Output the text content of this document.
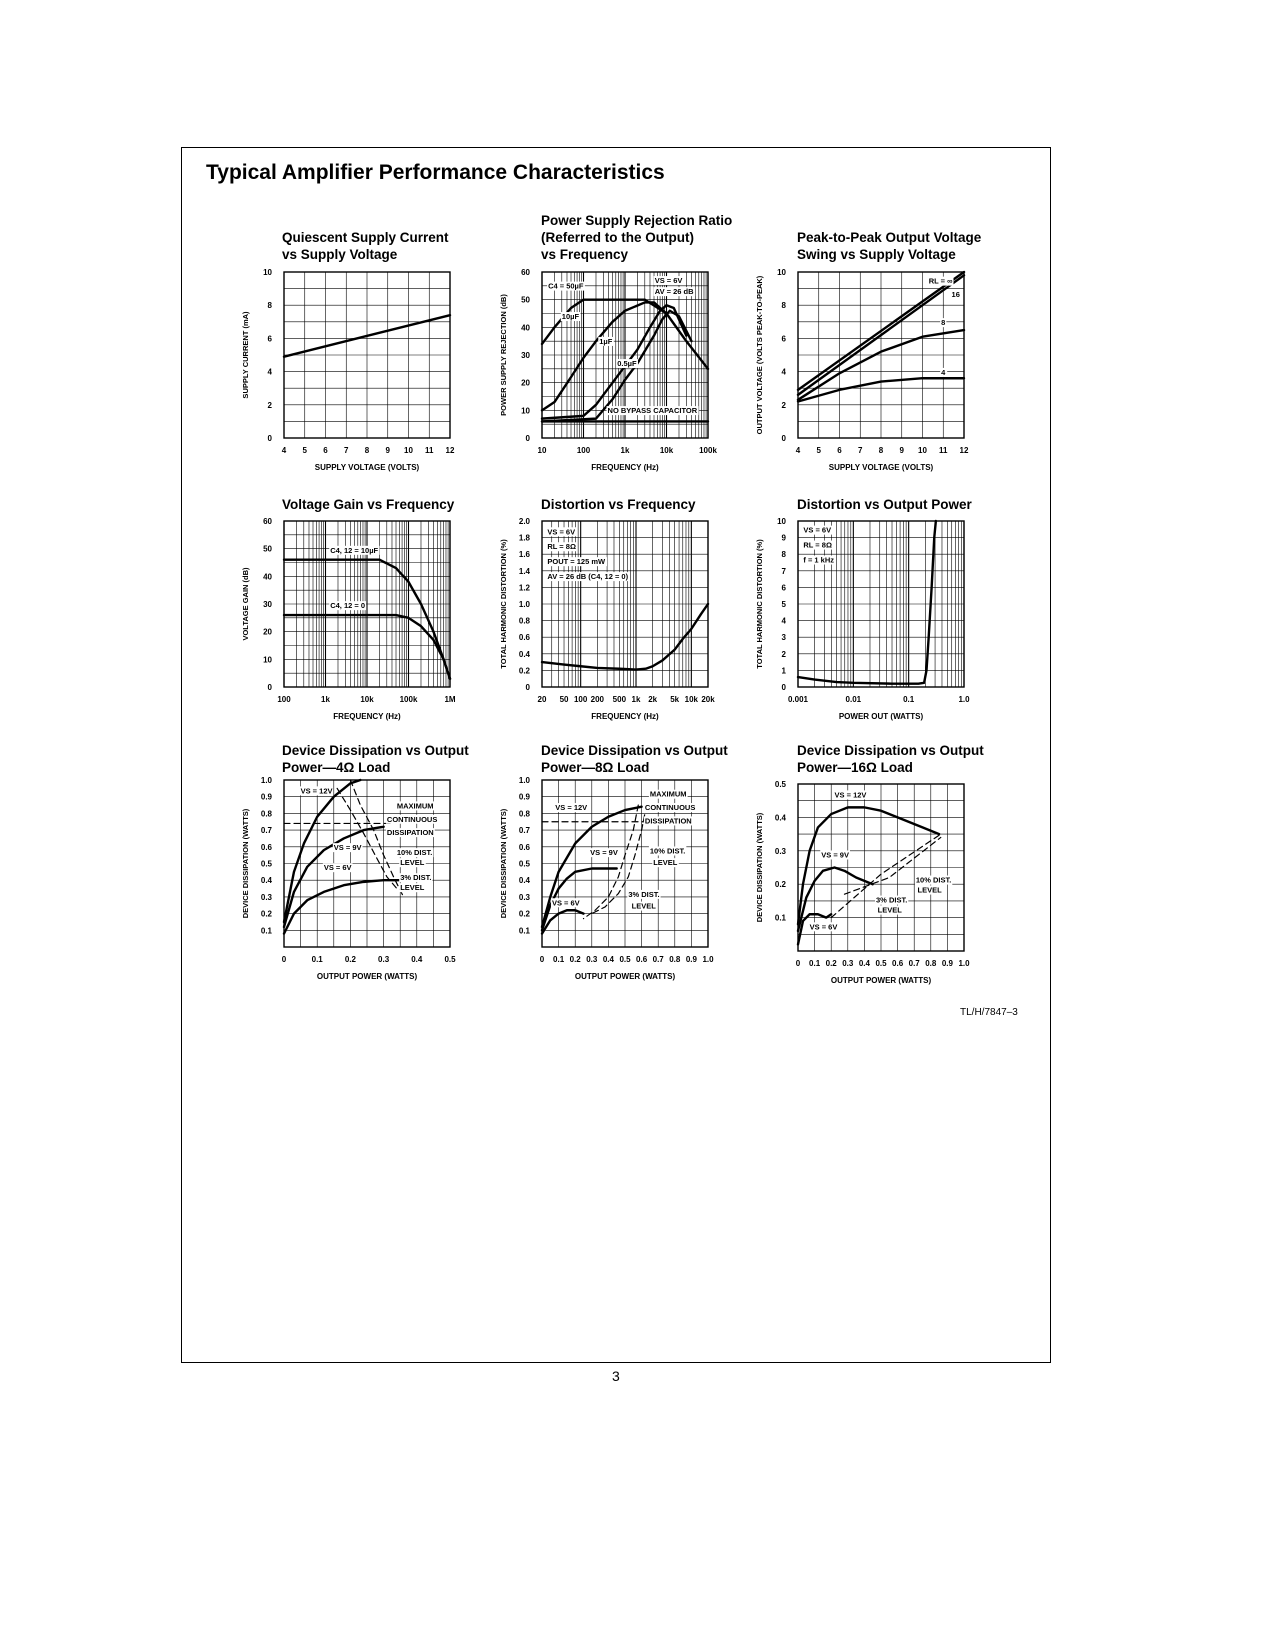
Typical Amplifier Performance Characteristics
Quiescent Supply Current
vs Supply Voltage
Power Supply Rejection Ratio
(Referred to the Output)
vs Frequency
Peak-to-Peak Output Voltage
Swing vs Supply Voltage
Voltage Gain vs Frequency	Distortion vs Frequency	Distortion vs Output Power
Device Dissipation vs Output
Power—4Ω Load
Device Dissipation vs Output
Power—8Ω Load
Device Dissipation vs Output
Power—16Ω Load
4 5 6 7 8 9 10 11 12
0
2
4
6
8
10
SUPPLY VOLTAGE (VOLTS)
SUPPLY CURRENT (mA)
10	100	1k	10k	100k
0
10
20
30
40
50
60
FREQUENCY (Hz)
POWER SUPPLY REJECTION (dB)
C4 = 50µF
10µF
1µF
0.5µF
VS = 6V
AV = 26 dB
NO BYPASS CAPACITOR
4 5 6 7 8 9 10 11 12
0
2
4
6
8
10
SUPPLY VOLTAGE (VOLTS)
OUTPUT VOLTAGE (VOLTS PEAK-TO-PEAK)	RL = ∞
16
8
4
100	1k	10k	100k	1M
0
10
20
30
40
50
60
FREQUENCY (Hz)
VOLTAGE GAIN (dB)
C4, 12 = 10µF
C4, 12 = 0
20 50 100 200 500 1k 2k 5k 10k 20k
0
0.2
0.4
0.6
0.8
1.0
1.2
1.4
1.6
1.8
2.0
FREQUENCY (Hz)
TOTAL HARMONIC DISTORTION (%)
VS = 6V
RL = 8Ω
POUT = 125 mW
AV = 26 dB (C4, 12 = 0)
0.001	0.01	0.1	1.0
0
1
2
3
4
5
6
7
8
9
10
POWER OUT (WATTS)
TOTAL HARMONIC DISTORTION (%)
VS = 6V
RL = 8Ω
f = 1 kHz
0	0.1	0.2	0.3	0.4	0.5
0.1
0.2
0.3
0.4
0.5
0.6
0.7
0.8
0.9
1.0
OUTPUT POWER (WATTS)
DEVICE DISSIPATION (WATTS)
VS = 12V
MAXIMUM
CONTINUOUS
DISSIPATION
VS = 9V
10% DIST.
LEVEL
VS = 6V
3% DIST.
LEVEL
0 0.1 0.2 0.3 0.4 0.5 0.6 0.7 0.8 0.9 1.0
0.1
0.2
0.3
0.4
0.5
0.6
0.7
0.8
0.9
1.0
OUTPUT POWER (WATTS)
DEVICE DISSIPATION (WATTS)
VS = 12V
MAXIMUM
CONTINUOUS
DISSIPATION
VS = 9V	10% DIST.
LEVEL
VS = 6V
3% DIST.
LEVEL
0 0.1 0.2 0.3 0.4 0.5 0.6 0.7 0.8 0.9 1.0
0.1
0.2
0.3
0.4
0.5
OUTPUT POWER (WATTS)
DEVICE DISSIPATION (WATTS)
VS = 12V
VS = 9V
10% DIST.
LEVEL
3% DIST.
LEVEL
VS = 6V
TL/H/7847–3
3
